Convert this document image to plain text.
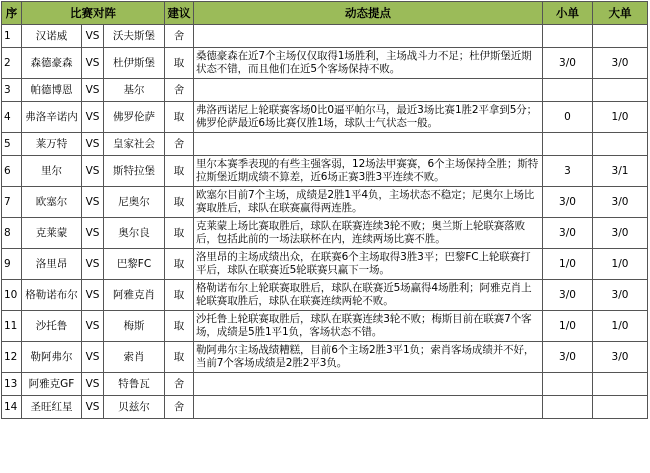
序	比赛对阵			建议	动态提点	小单	大单
1	汉诺威	VS	沃夫斯堡	舍			
2	森德豪森	VS	杜伊斯堡	取	桑德豪森在近7个主场仅仅取得1场胜利，主场战斗力不足；杜伊斯堡近期状态不错，而且他们在近5个客场保持不败。	3/0	3/0
3	帕德博恩	VS	基尔	舍			
4	弗洛辛诺内	VS	佛罗伦萨	取	弗洛西诺尼上轮联赛客场0比0逼平帕尔马，最近3场比赛1胜2平拿到5分；佛罗伦萨最近6场比赛仅胜1场，球队士气状态一般。	0	1/0
5	莱万特	VS	皇家社会	舍			
6	里尔	VS	斯特拉堡	取	里尔本赛季表现的有些主强客弱，12场法甲赛赛，6个主场保持全胜；斯特拉斯堡近期成绩不算差，近6场正赛3胜3平连续不败。	3	3/1
7	欧塞尔	VS	尼奥尔	取	欧塞尔目前7个主场，成绩是2胜1平4负，主场状态不稳定；尼奥尔上场比赛取胜后，球队在联赛赢得两连胜。	3/0	3/0
8	克莱蒙	VS	奥尔良	取	克莱蒙上场比赛取胜后，球队在联赛连续3轮不败；奥兰斯上轮联赛落败后，包括此前的一场法联杯在内，连续两场比赛不胜。	3/0	3/0
9	洛里昂	VS	巴黎FC	取	洛里昂的主场成绩出众，在联赛6个主场取得3胜3平；巴黎FC上轮联赛打平后，球队在联赛近5轮联赛只赢下一场。	1/0	1/0
10	格勒诺布尔	VS	阿雅克肖	取	格勒诺布尔上轮联赛取胜后，球队在联赛近5场赢得4场胜利；阿雅克肖上轮联赛取胜后，球队在联赛连续两轮不败。	3/0	3/0
11	沙托鲁	VS	梅斯	取	沙托鲁上轮联赛取胜后，球队在联赛连续3轮不败；梅斯目前在联赛7个客场，成绩是5胜1平1负，客场状态不错。	1/0	1/0
12	勒阿弗尔	VS	索肖	取	勒阿弗尔主场战绩糟糕，目前6个主场2胜3平1负；索肖客场成绩并不好，当前7个客场成绩是2胜2平3负。	3/0	3/0
13	阿雅克GF	VS	特鲁瓦	舍			
14	圣旺红星	VS	贝兹尔	舍			
